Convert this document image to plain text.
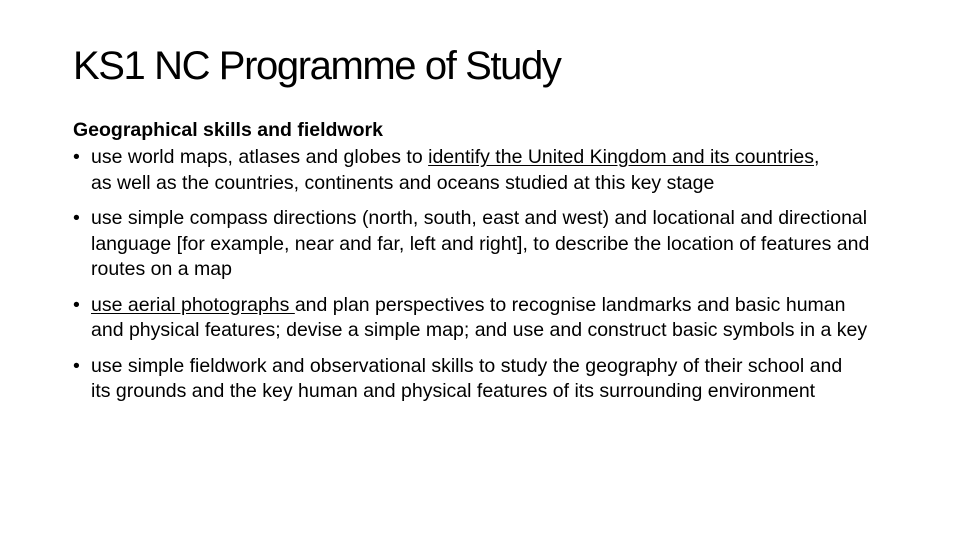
KS1 NC Programme of Study
Geographical skills and fieldwork
• use world maps, atlases and globes to identify the United Kingdom and its countries, as well as the countries, continents and oceans studied at this key stage
• use simple compass directions (north, south, east and west) and locational and directional language [for example, near and far, left and right], to describe the location of features and routes on a map
• use aerial photographs and plan perspectives to recognise landmarks and basic human and physical features; devise a simple map; and use and construct basic symbols in a key
• use simple fieldwork and observational skills to study the geography of their school and its grounds and the key human and physical features of its surrounding environment
